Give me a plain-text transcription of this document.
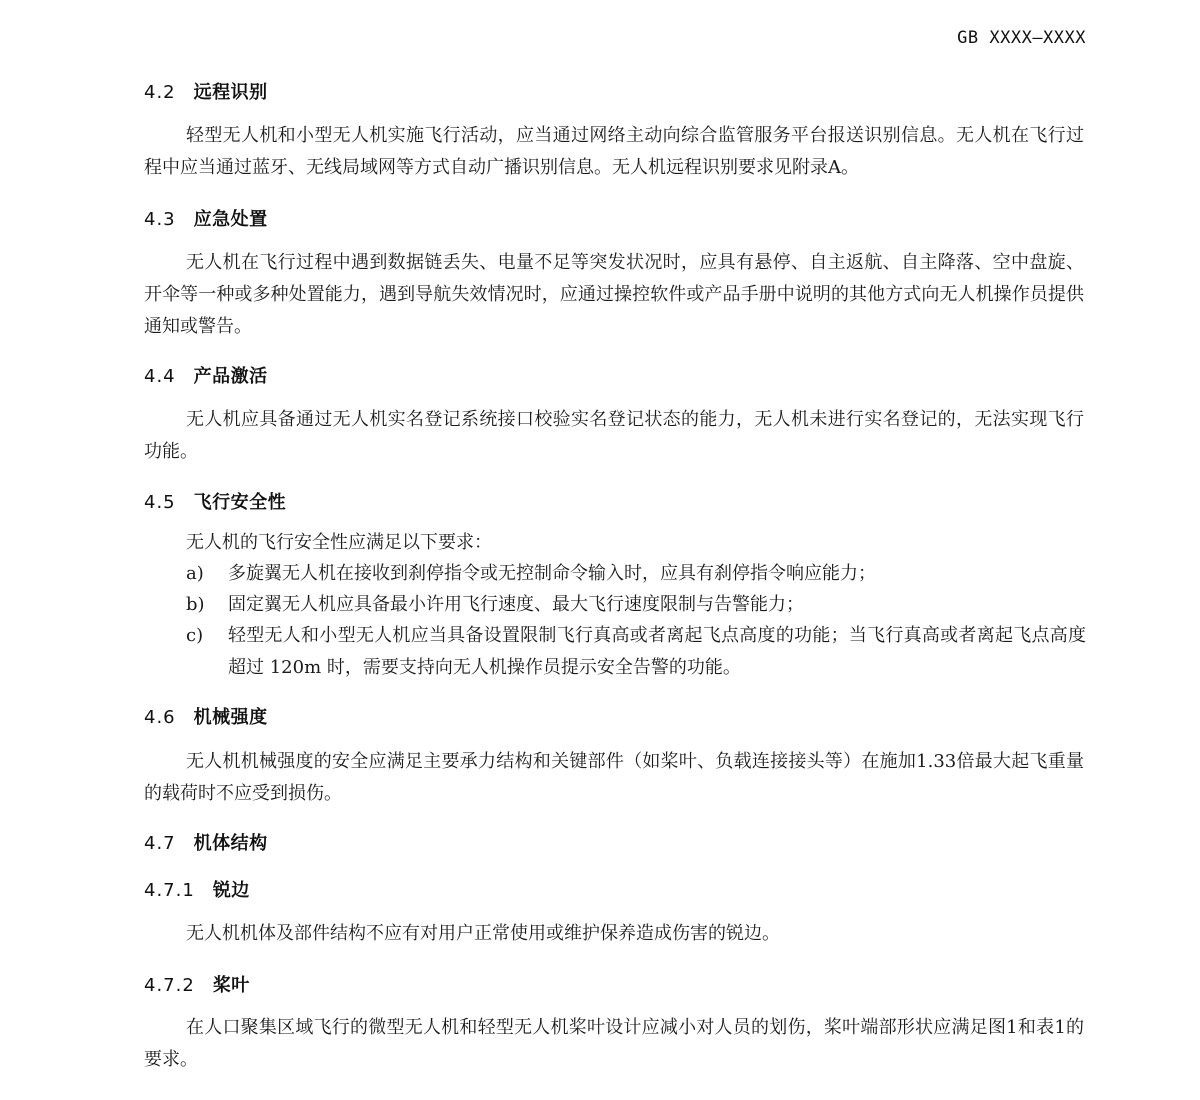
GB XXXX—XXXX
4.2 远程识别

轻型无人机和小型无人机实施飞行活动，应当通过网络主动向综合监管服务平台报送识别信息。无人机在飞行过程中应当通过蓝牙、无线局域网等方式自动广播识别信息。无人机远程识别要求见附录A。

4.3 应急处置

无人机在飞行过程中遇到数据链丢失、电量不足等突发状况时，应具有悬停、自主返航、自主降落、空中盘旋、开伞等一种或多种处置能力，遇到导航失效情况时，应通过操控软件或产品手册中说明的其他方式向无人机操作员提供通知或警告。

4.4 产品激活

无人机应具备通过无人机实名登记系统接口校验实名登记状态的能力，无人机未进行实名登记的，无法实现飞行功能。

4.5 飞行安全性
无人机的飞行安全性应满足以下要求：
a)	多旋翼无人机在接收到刹停指令或无控制命令输入时，应具有刹停指令响应能力；
b)	固定翼无人机应具备最小许用飞行速度、最大飞行速度限制与告警能力；
c)	轻型无人和小型无人机应当具备设置限制飞行真高或者离起飞点高度的功能；当飞行真高或者离起飞点高度超过 120m 时，需要支持向无人机操作员提示安全告警的功能。
4.6 机械强度

无人机机械强度的安全应满足主要承力结构和关键部件（如桨叶、负载连接接头等）在施加1.33倍最大起飞重量的载荷时不应受到损伤。

4.7 机体结构
4.7.1 锐边

无人机机体及部件结构不应有对用户正常使用或维护保养造成伤害的锐边。

4.7.2 桨叶

在人口聚集区域飞行的微型无人机和轻型无人机桨叶设计应减小对人员的划伤，桨叶端部形状应满足图1和表1的要求。
